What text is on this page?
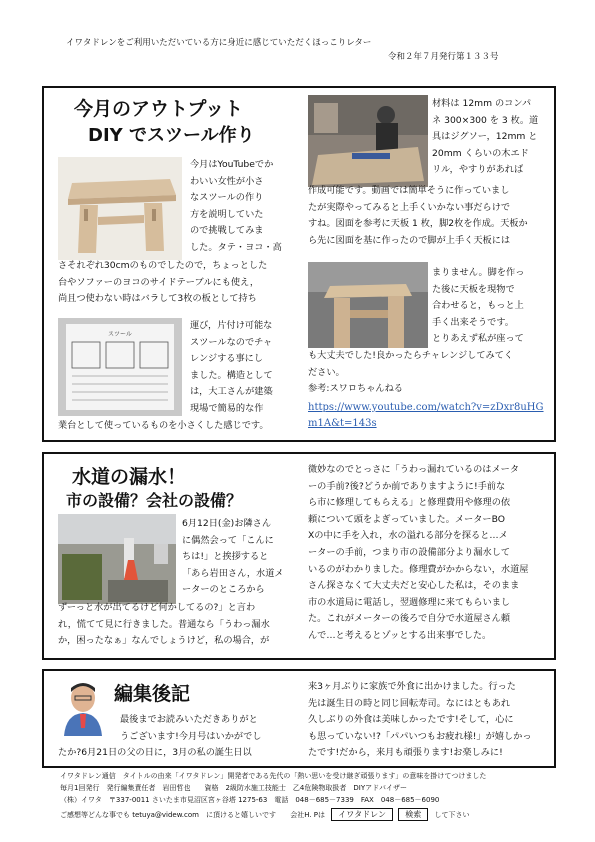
イワタドレンをご利用いただいている方に身近に感じていただくほっこりレター
令和２年７月発行第１３３号
今月のアウトプット
DIY でスツール作り
今月はYouTubeでか
わいい女性が小さ
なスツールの作り
方を説明していた
ので挑戦してみま
した。タテ・ヨコ・高
さそれぞれ30cmのものでしたので，ちょっとした
台やソファーのヨコのサイドテーブルにも使え，
尚且つ使わない時はバラして3枚の板として持ち
スツール
運び，片付け可能な
スツールなのでチャ
レンジする事にし
ました。構造として
は，大工さんが建築
現場で簡易的な作
業台として使っているものを小さくした感じです。
材料は 12mm のコンパ
ネ 300×300 を 3 枚。道
具はジグソー，12mm と
20mm くらいの木エド
リル，やすりがあれば
作成可能です。動画では簡単そうに作っていまし
たが実際やってみると上手くいかない事だらけで
すね。図面を参考に天板 1 枚，脚2枚を作成。天板か
ら先に図面を基に作ったので脚が上手く天板には
まりません。脚を作っ
た後に天板を現物で
合わせると，もっと上
手く出来そうです。
とりあえず私が座って
も大丈夫でした!良かったらチャレンジしてみてく
ださい。
参考:スワロちゃんねる
https://www.youtube.com/watch?v=zDxr8uHG
m1A&t=143s
水道の漏水！
市の設備？会社の設備？
6月12日(金)お隣さん
に偶然会って「こんに
ちは!」と挨拶すると
「あら岩田さん，水道メ
ーターのところから
ずーっと水が出てるけど何かしてるの?」と言わ
れ，慌てて見に行きました。普通なら「うわっ漏水
か，困ったなぁ」なんでしょうけど，私の場合，が
微妙なのでとっさに「うわっ漏れているのはメータ
ーの手前?後?どうか前でありますように!手前な
ら市に修理してもらえる」と修理費用や修理の依
頼について頭をよぎっていました。メーターBO
Xの中に手を入れ，水の溢れる部分を探ると…メ
ーターの手前，つまり市の設備部分より漏水して
いるのがわかりました。修理費がかからない，水道屋
さん探さなくて大丈夫だと安心した私は，そのまま
市の水道局に電話し，翌週修理に来てもらいまし
た。これがメーターの後ろで自分で水道屋さん頼
んで…と考えるとゾッとする出来事でした。
編集後記
最後までお読みいただきありがと
うございます!今月号はいかがでし
たか?6月21日の父の日に，3月の私の誕生日以
来3ヶ月ぶりに家族で外食に出かけました。行った
先は誕生日の時と同じ回転寿司。なにはともあれ
久しぶりの外食は美味しかったです!そして，心に
も思っていない!?「パパいつもお疲れ様!」が嬉しかっ
たです!だから，来月も頑張ります!お楽しみに!
イワタドレン通信　タイトルの由来「イワタドレン」開発者である先代の「熱い思いを受け継ぎ頑張ります」の意味を掛けてつけました
毎月1回発行　発行編集責任者　岩田哲也　　資格　2級防水施工技能士　乙4危険物取扱者　DIYアドバイザー
（株）イワタ　〒337-0011 さいたま市見沼区宮ヶ谷塔 1275-63　電話　048－685－7339　FAX　048－685－6090
ご感想等どんな事でも tetuya@videw.com　に頂けると嬉しいです 会社H. Pは イワタドレン 検索 して下さい
